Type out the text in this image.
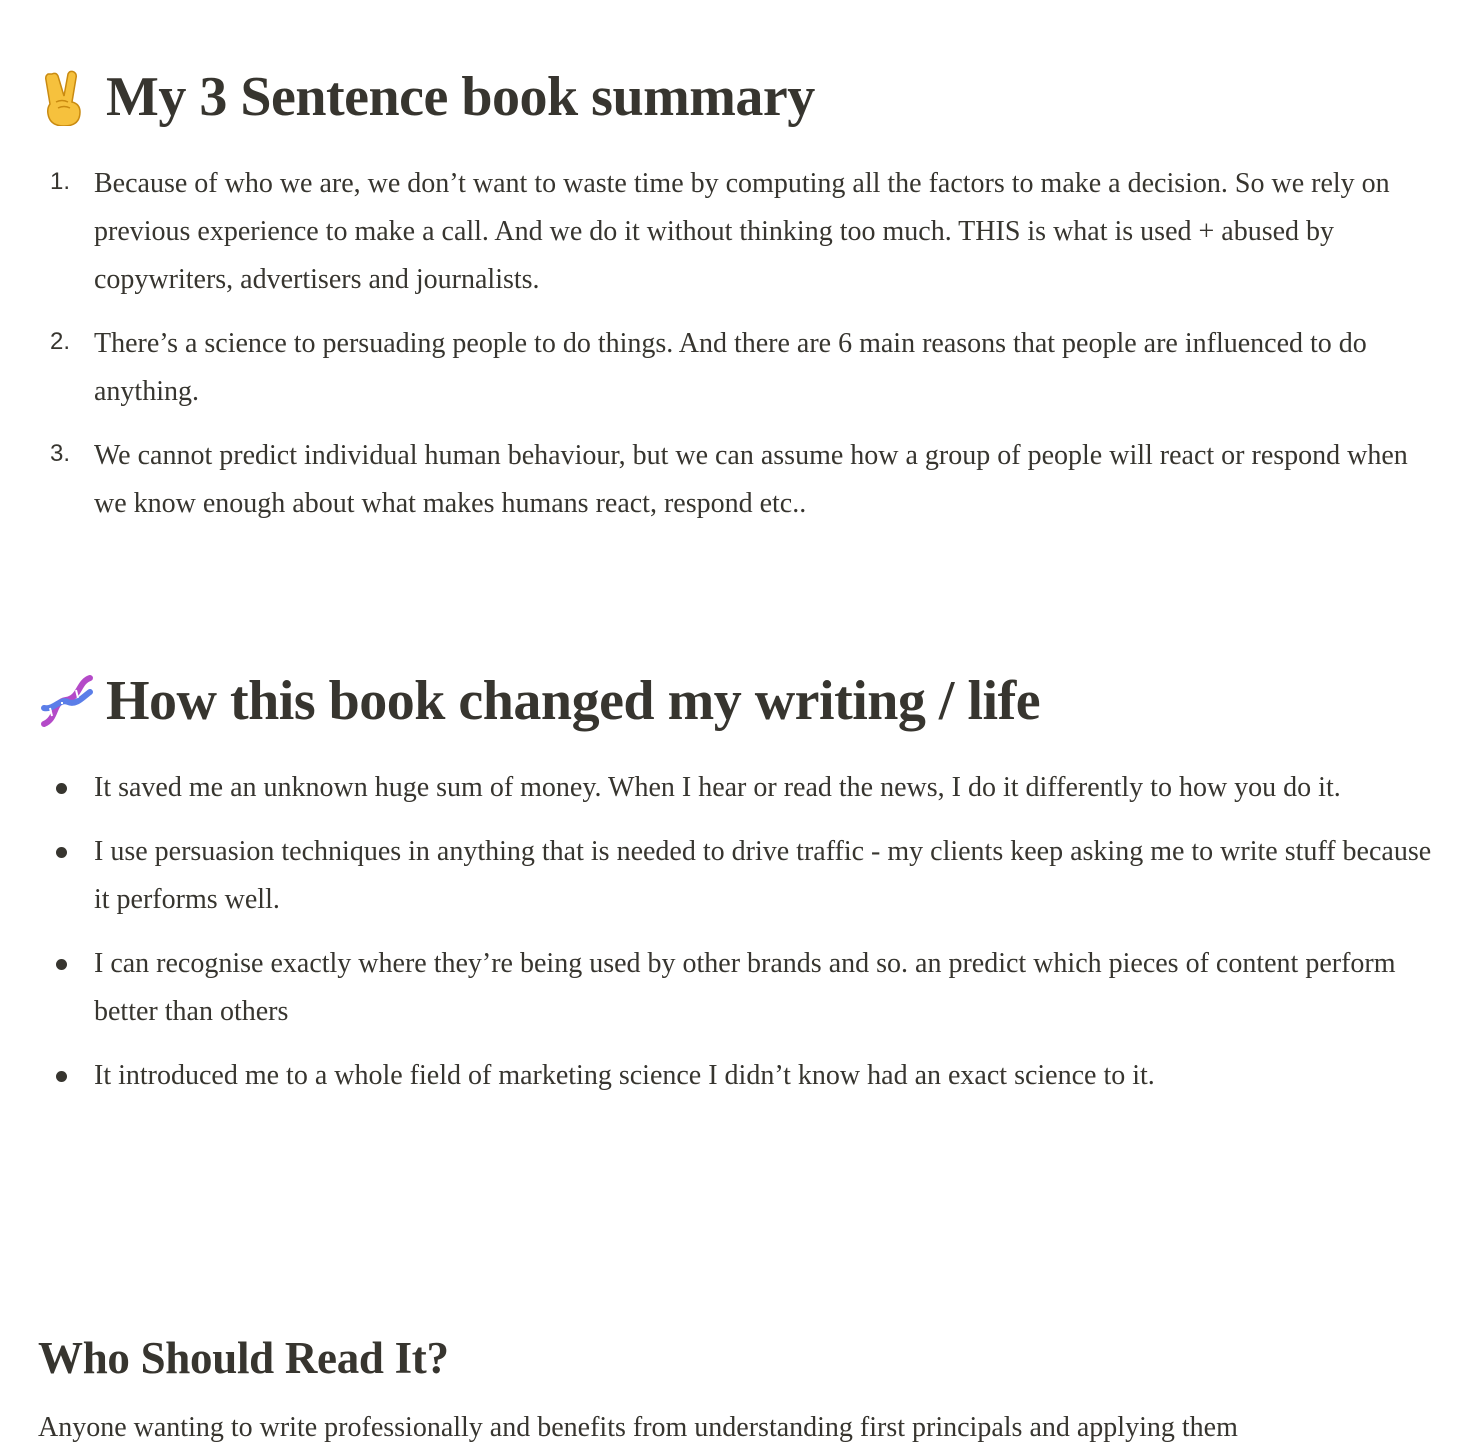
My 3 Sentence book summary
1. Because of who we are, we don’t want to waste time by computing all the factors to make a decision. So we rely on previous experience to make a call. And we do it without thinking too much. THIS is what is used + abused by copywriters, advertisers and journalists.
2. There’s a science to persuading people to do things. And there are 6 main reasons that people are influenced to do anything.
3. We cannot predict individual human behaviour, but we can assume how a group of people will react or respond when we know enough about what makes humans react, respond etc..
How this book changed my writing / life
It saved me an unknown huge sum of money. When I hear or read the news, I do it differently to how you do it.
I use persuasion techniques in anything that is needed to drive traffic - my clients keep asking me to write stuff because it performs well.
I can recognise exactly where they’re being used by other brands and so. an predict which pieces of content perform better than others
It introduced me to a whole field of marketing science I didn’t know had an exact science to it.
Who Should Read It?

Anyone wanting to write professionally and benefits from understanding first principals and applying them
